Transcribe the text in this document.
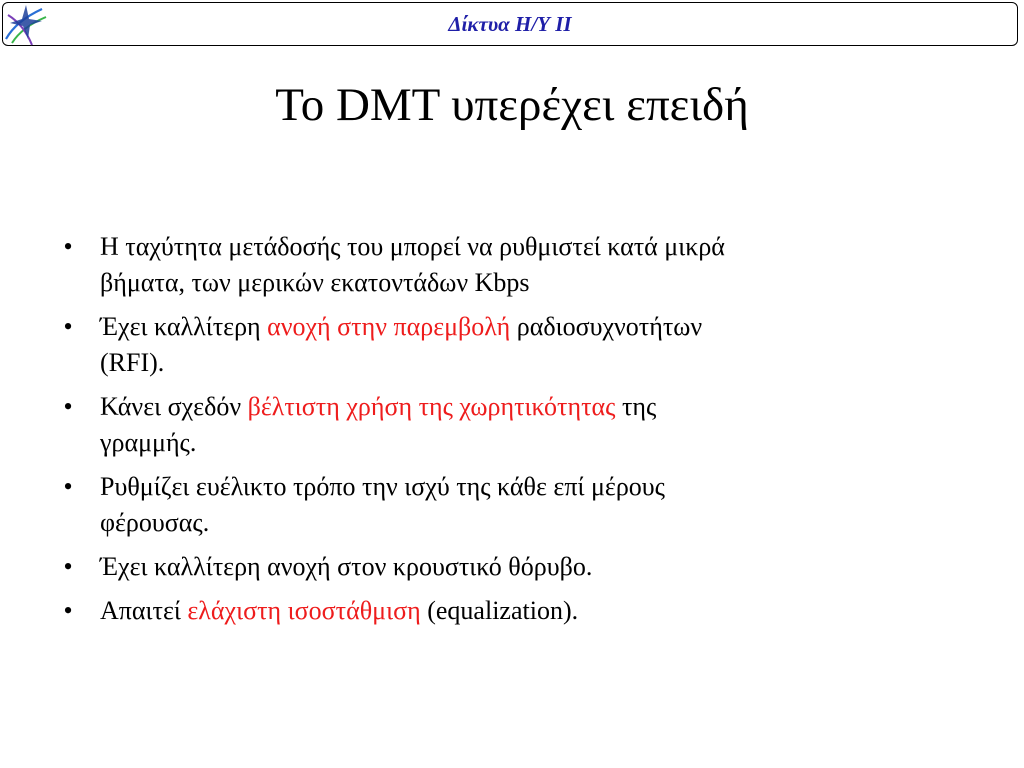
Δίκτυα Η/Υ ΙΙ
Το DMT υπερέχει επειδή
• Η ταχύτητα μετάδοσής του μπορεί να ρυθμιστεί κατά μικρά
βήματα, των μερικών εκατοντάδων Kbps
• Έχει καλλίτερη ανοχή στην παρεμβολή ραδιοσυχνοτήτων
(RFI).
• Κάνει σχεδόν βέλτιστη χρήση της χωρητικότητας της
γραμμής.
• Ρυθμίζει ευέλικτο τρόπο την ισχύ της κάθε επί μέρους
φέρουσας.
• Έχει καλλίτερη ανοχή στον κρουστικό θόρυβο.
• Απαιτεί ελάχιστη ισοστάθμιση (equalization).
